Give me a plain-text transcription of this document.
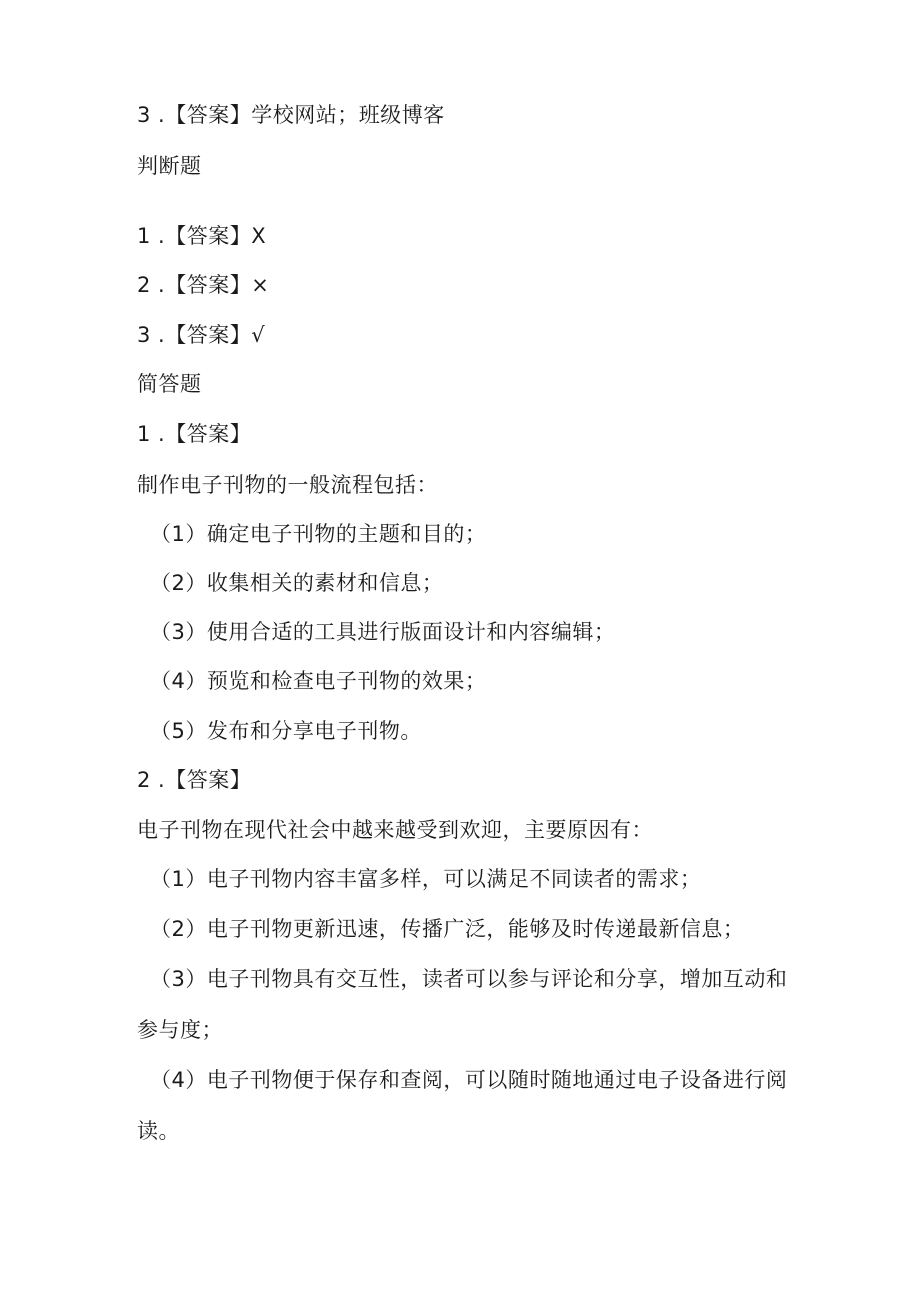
3 .【答案】学校网站；班级博客
判断题
1 .【答案】X
2 .【答案】×
3 .【答案】√
简答题
1 .【答案】
制作电子刊物的一般流程包括：
（1）确定电子刊物的主题和目的；
（2）收集相关的素材和信息；
（3）使用合适的工具进行版面设计和内容编辑；
（4）预览和检查电子刊物的效果；
（5）发布和分享电子刊物。
2 .【答案】
电子刊物在现代社会中越来越受到欢迎，主要原因有：
（1）电子刊物内容丰富多样，可以满足不同读者的需求；
（2）电子刊物更新迅速，传播广泛，能够及时传递最新信息；
（3）电子刊物具有交互性，读者可以参与评论和分享，增加互动和
参与度；
（4）电子刊物便于保存和查阅，可以随时随地通过电子设备进行阅
读。
